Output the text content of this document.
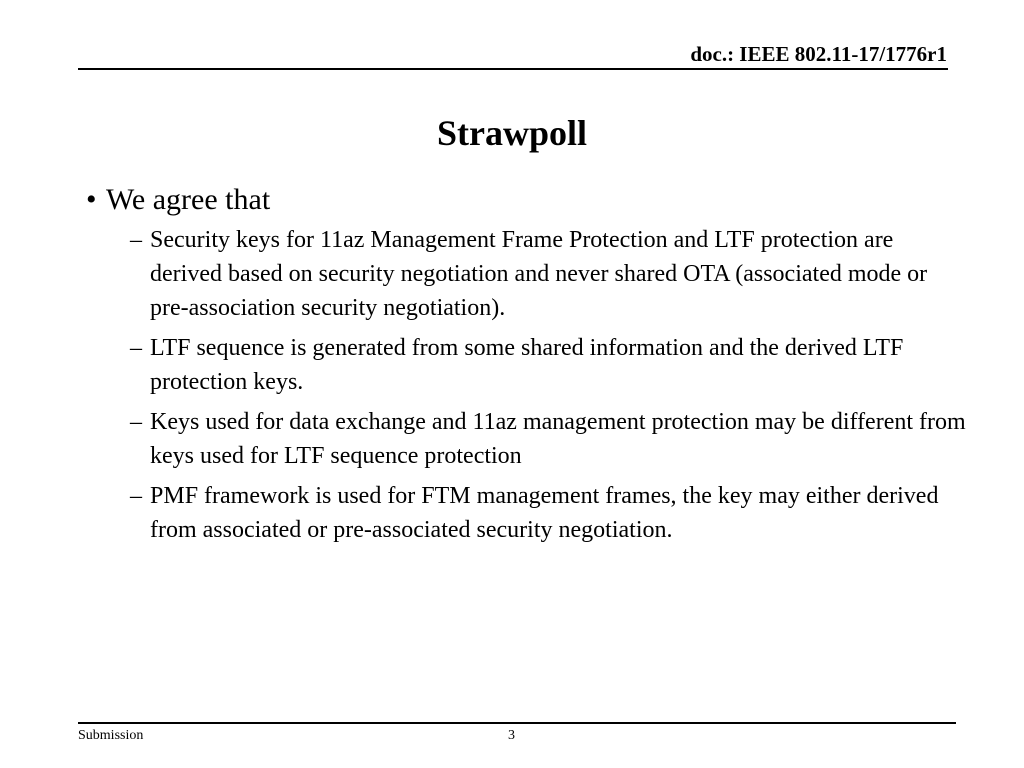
doc.: IEEE 802.11-17/1776r1
Strawpoll
• We agree that
– Security keys for 11az Management Frame Protection and LTF protection are derived based on security negotiation and never shared OTA (associated mode or pre-association security negotiation).
– LTF sequence is generated from some shared information and the derived LTF protection keys.
– Keys used for data exchange and 11az management protection may be different from keys used for LTF sequence protection
– PMF framework is used for FTM management frames, the key may either derived from associated or pre-associated security negotiation.
Submission	3
